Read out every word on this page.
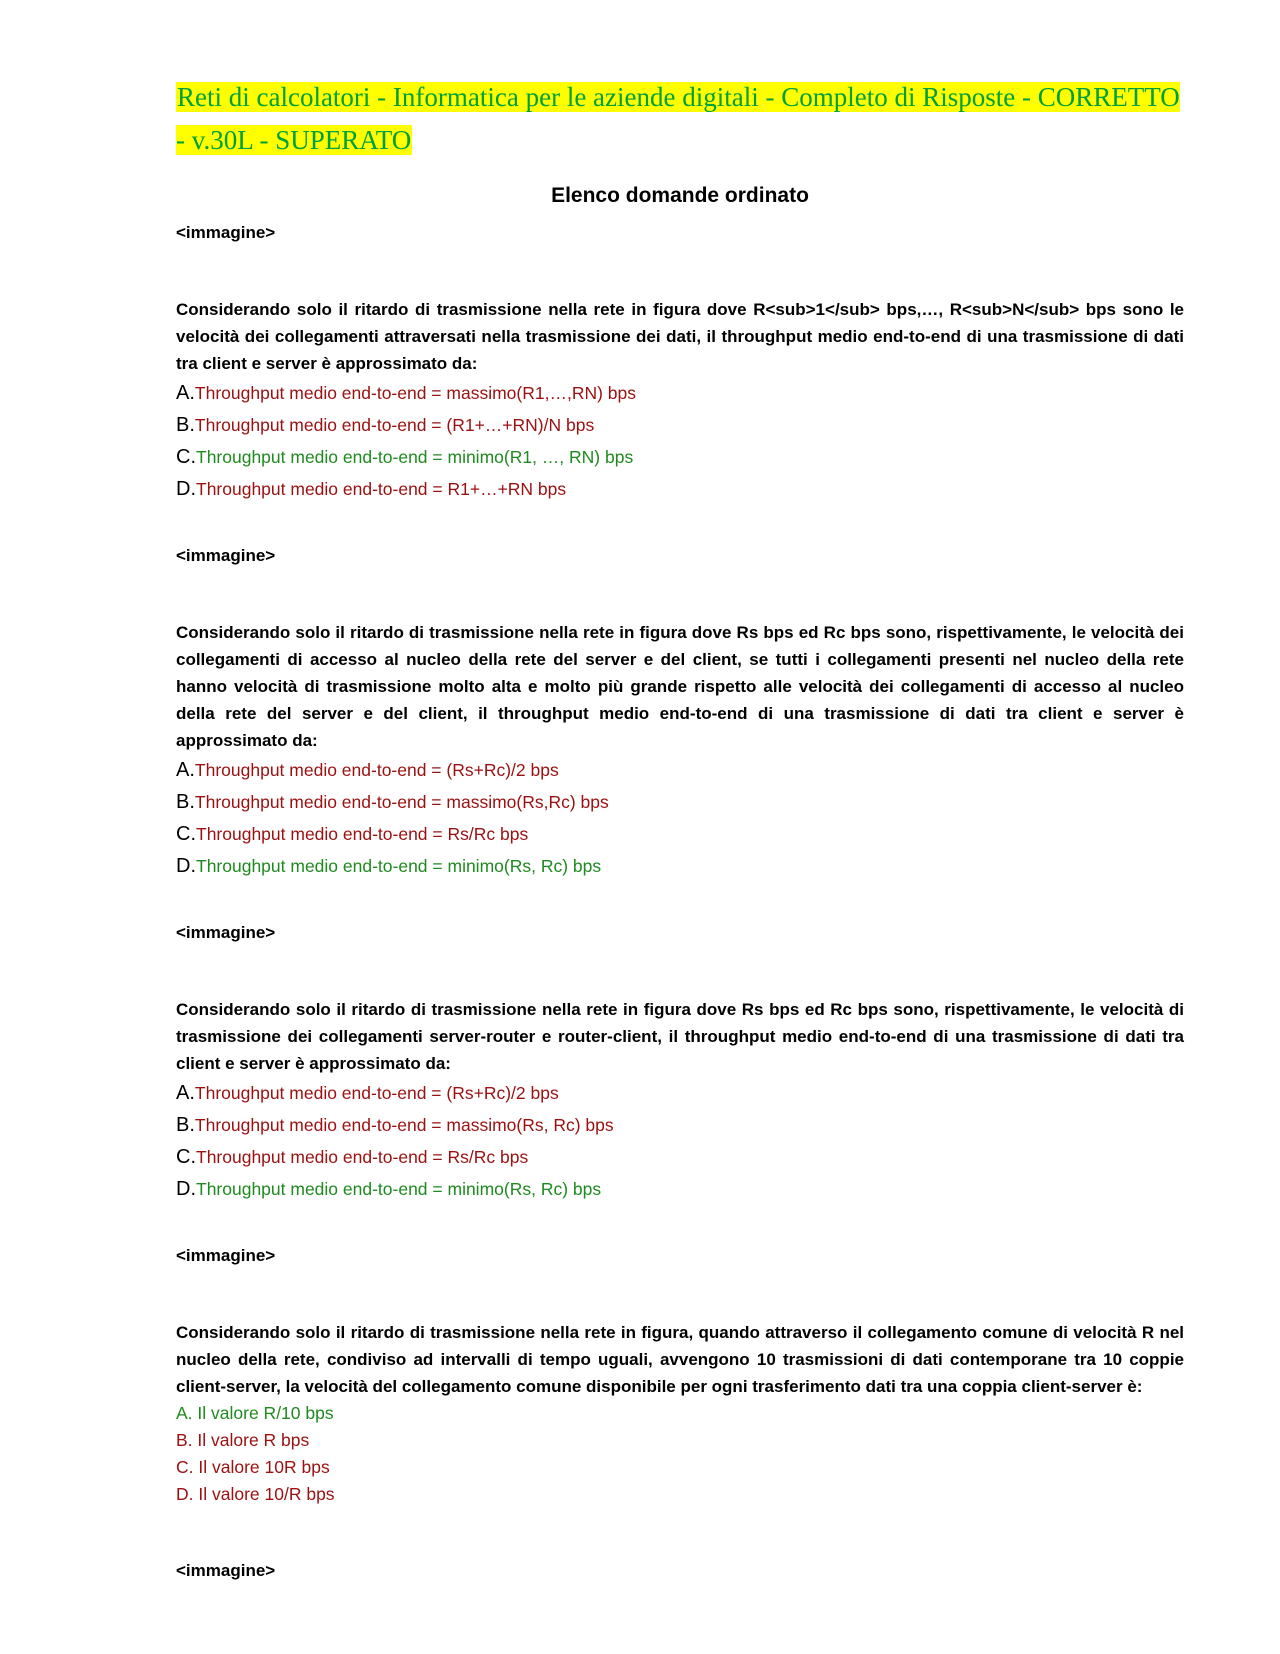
Reti di calcolatori - Informatica per le aziende digitali - Completo di Risposte - CORRETTO - v.30L - SUPERATO
Elenco domande ordinato
<immagine>
Considerando solo il ritardo di trasmissione nella rete in figura dove R<sub>1</sub> bps,…, R<sub>N</sub> bps sono le velocità dei collegamenti attraversati nella trasmissione dei dati, il throughput medio end-to-end di una trasmissione di dati tra client e server è approssimato da:
A.Throughput medio end-to-end = massimo(R1,…,RN) bps
B.Throughput medio end-to-end = (R1+…+RN)/N bps
C.Throughput medio end-to-end = minimo(R1, …, RN) bps
D.Throughput medio end-to-end = R1+…+RN bps
<immagine>
Considerando solo il ritardo di trasmissione nella rete in figura dove Rs bps ed Rc bps sono, rispettivamente, le velocità dei collegamenti di accesso al nucleo della rete del server e del client, se tutti i collegamenti presenti nel nucleo della rete hanno velocità di trasmissione molto alta e molto più grande rispetto alle velocità dei collegamenti di accesso al nucleo della rete del server e del client, il throughput medio end-to-end di una trasmissione di dati tra client e server è approssimato da:
A.Throughput medio end-to-end = (Rs+Rc)/2 bps
B.Throughput medio end-to-end = massimo(Rs,Rc) bps
C.Throughput medio end-to-end = Rs/Rc bps
D.Throughput medio end-to-end = minimo(Rs, Rc) bps
<immagine>
Considerando solo il ritardo di trasmissione nella rete in figura dove Rs bps ed Rc bps sono, rispettivamente, le velocità di trasmissione dei collegamenti server-router e router-client, il throughput medio end-to-end di una trasmissione di dati tra client e server è approssimato da:
A.Throughput medio end-to-end = (Rs+Rc)/2 bps
B.Throughput medio end-to-end = massimo(Rs, Rc) bps
C.Throughput medio end-to-end = Rs/Rc bps
D.Throughput medio end-to-end = minimo(Rs, Rc) bps
<immagine>
Considerando solo il ritardo di trasmissione nella rete in figura, quando attraverso il collegamento comune di velocità R nel nucleo della rete, condiviso ad intervalli di tempo uguali, avvengono 10 trasmissioni di dati contemporane tra 10 coppie client-server, la velocità del collegamento comune disponibile per ogni trasferimento dati tra una coppia client-server è:
A. Il valore R/10 bps
B. Il valore R bps
C. Il valore 10R bps
D. Il valore 10/R bps
<immagine>
